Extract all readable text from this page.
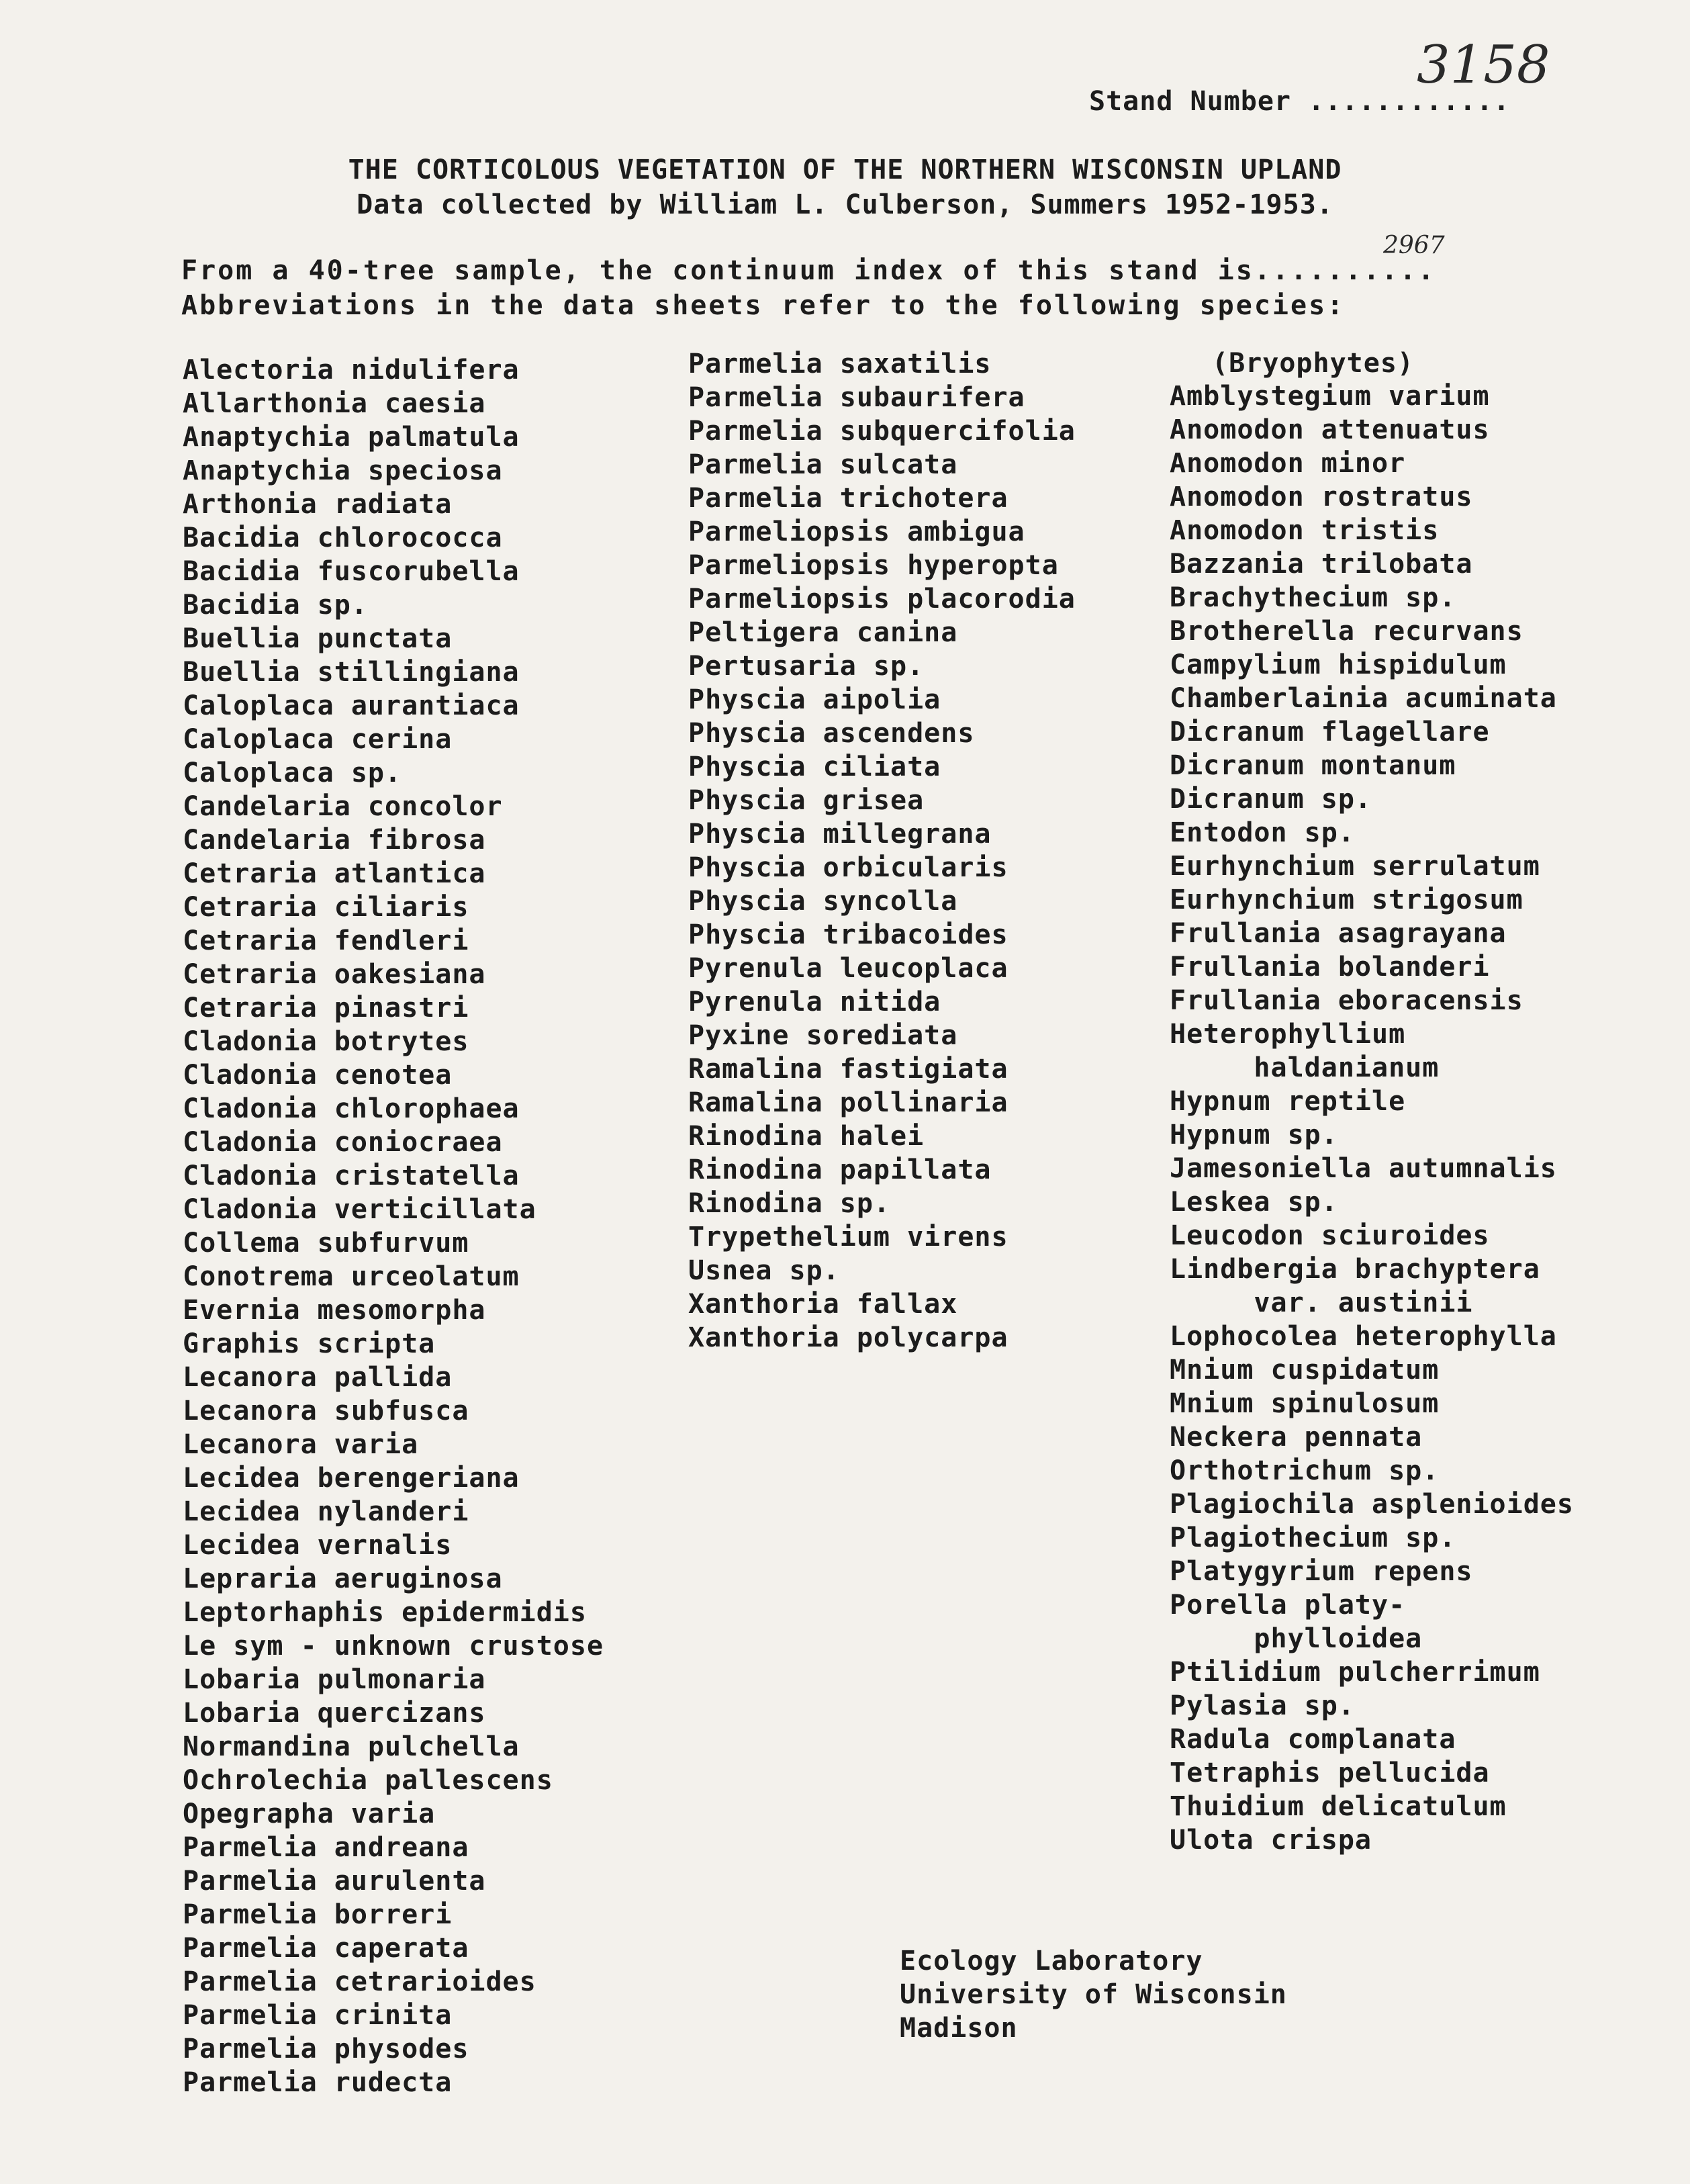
3158
Stand Number ............
THE CORTICOLOUS VEGETATION OF THE NORTHERN WISCONSIN UPLAND
Data collected by William L. Culberson, Summers 1952-1953.
2967
From a 40-tree sample, the continuum index of this stand is..........
Abbreviations in the data sheets refer to the following species:
Alectoria nidulifera
Allarthonia caesia
Anaptychia palmatula
Anaptychia speciosa
Arthonia radiata
Bacidia chlorococca
Bacidia fuscorubella
Bacidia sp.
Buellia punctata
Buellia stillingiana
Caloplaca aurantiaca
Caloplaca cerina
Caloplaca sp.
Candelaria concolor
Candelaria fibrosa
Cetraria atlantica
Cetraria ciliaris
Cetraria fendleri
Cetraria oakesiana
Cetraria pinastri
Cladonia botrytes
Cladonia cenotea
Cladonia chlorophaea
Cladonia coniocraea
Cladonia cristatella
Cladonia verticillata
Collema subfurvum
Conotrema urceolatum
Evernia mesomorpha
Graphis scripta
Lecanora pallida
Lecanora subfusca
Lecanora varia
Lecidea berengeriana
Lecidea nylanderi
Lecidea vernalis
Lepraria aeruginosa
Leptorhaphis epidermidis
Le sym - unknown crustose
Lobaria pulmonaria
Lobaria quercizans
Normandina pulchella
Ochrolechia pallescens
Opegrapha varia
Parmelia andreana
Parmelia aurulenta
Parmelia borreri
Parmelia caperata
Parmelia cetrarioides
Parmelia crinita
Parmelia physodes
Parmelia rudecta
Parmelia saxatilis
Parmelia subaurifera
Parmelia subquercifolia
Parmelia sulcata
Parmelia trichotera
Parmeliopsis ambigua
Parmeliopsis hyperopta
Parmeliopsis placorodia
Peltigera canina
Pertusaria sp.
Physcia aipolia
Physcia ascendens
Physcia ciliata
Physcia grisea
Physcia millegrana
Physcia orbicularis
Physcia syncolla
Physcia tribacoides
Pyrenula leucoplaca
Pyrenula nitida
Pyxine sorediata
Ramalina fastigiata
Ramalina pollinaria
Rinodina halei
Rinodina papillata
Rinodina sp.
Trypethelium virens
Usnea sp.
Xanthoria fallax
Xanthoria polycarpa
(Bryophytes)
Amblystegium varium
Anomodon attenuatus
Anomodon minor
Anomodon rostratus
Anomodon tristis
Bazzania trilobata
Brachythecium sp.
Brotherella recurvans
Campylium hispidulum
Chamberlainia acuminata
Dicranum flagellare
Dicranum montanum
Dicranum sp.
Entodon sp.
Eurhynchium serrulatum
Eurhynchium strigosum
Frullania asagrayana
Frullania bolanderi
Frullania eboracensis
Heterophyllium
haldanianum
Hypnum reptile
Hypnum sp.
Jamesoniella autumnalis
Leskea sp.
Leucodon sciuroides
Lindbergia brachyptera
var. austinii
Lophocolea heterophylla
Mnium cuspidatum
Mnium spinulosum
Neckera pennata
Orthotrichum sp.
Plagiochila asplenioides
Plagiothecium sp.
Platygyrium repens
Porella platy-
phylloidea
Ptilidium pulcherrimum
Pylasia sp.
Radula complanata
Tetraphis pellucida
Thuidium delicatulum
Ulota crispa
Ecology Laboratory
University of Wisconsin
Madison
